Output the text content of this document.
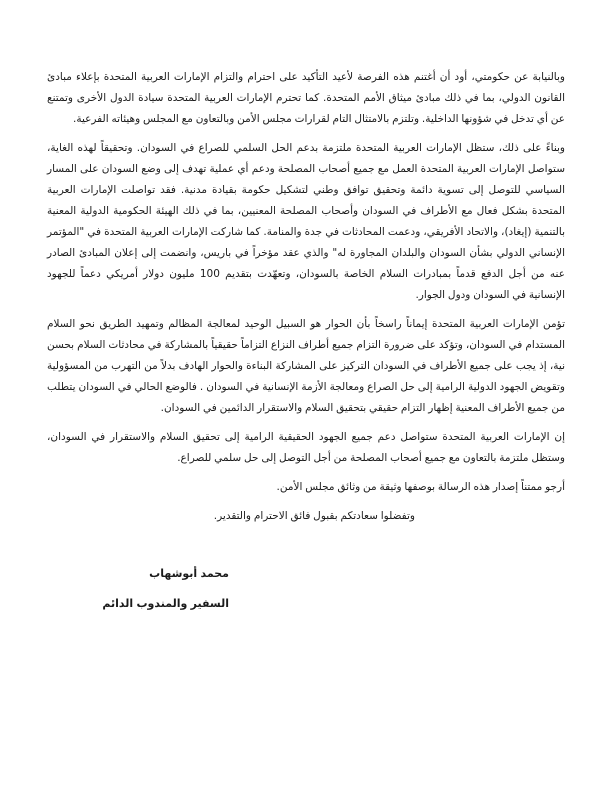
وبالنيابة عن حكومتي، أود أن أغتنم هذه الفرصة لأعيد التأكيد على احترام والتزام الإمارات العربية المتحدة بإعلاء مبادئ القانون الدولي، بما في ذلك مبادئ ميثاق الأمم المتحدة. كما تحترم الإمارات العربية المتحدة سيادة الدول الأخرى وتمتنع عن أي تدخل في شؤونها الداخلية. وتلتزم بالامتثال التام لقرارات مجلس الأمن وبالتعاون مع المجلس وهيئاته الفرعية.

وبناءً على ذلك، ستظل الإمارات العربية المتحدة ملتزمة بدعم الحل السلمي للصراع في السودان. وتحقيقاً لهذه الغاية، ستواصل الإمارات العربية المتحدة العمل مع جميع أصحاب المصلحة ودعم أي عملية تهدف إلى وضع السودان على المسار السياسي للتوصل إلى تسوية دائمة وتحقيق توافق وطني لتشكيل حكومة بقيادة مدنية. فقد تواصلت الإمارات العربية المتحدة بشكل فعال مع الأطراف في السودان وأصحاب المصلحة المعنيين، بما في ذلك الهيئة الحكومية الدولية المعنية بالتنمية (إيغاد)، والاتحاد الأفريقي، ودعمت المحادثات في جدة والمنامة. كما شاركت الإمارات العربية المتحدة في "المؤتمر الإنساني الدولي بشأن السودان والبلدان المجاورة له" والذي عقد مؤخراً في باريس، وانضمت إلى إعلان المبادئ الصادر عنه من أجل الدفع قدماً بمبادرات السلام الخاصة بالسودان، وتعهّدت بتقديم 100 مليون دولار أمريكي دعماً للجهود الإنسانية في السودان ودول الجوار.

تؤمن الإمارات العربية المتحدة إيماناً راسخاً بأن الحوار هو السبيل الوحيد لمعالجة المظالم وتمهيد الطريق نحو السلام المستدام في السودان، وتؤكد على ضرورة التزام جميع أطراف النزاع التزاماً حقيقياً بالمشاركة في محادثات السلام بحسن نية، إذ يجب على جميع الأطراف في السودان التركيز على المشاركة البناءة والحوار الهادف بدلاً من التهرب من المسؤولية وتقويض الجهود الدولية الرامية إلى حل الصراع ومعالجة الأزمة الإنسانية في السودان . فالوضع الحالي في السودان يتطلب من جميع الأطراف المعنية إظهار التزام حقيقي بتحقيق السلام والاستقرار الدائمين في السودان.

إن الإمارات العربية المتحدة ستواصل دعم جميع الجهود الحقيقية الرامية إلى تحقيق السلام والاستقرار في السودان، وستظل ملتزمة بالتعاون مع جميع أصحاب المصلحة من أجل التوصل إلى حل سلمي للصراع.

أرجو ممتناً إصدار هذه الرسالة بوصفها وثيقة من وثائق مجلس الأمن.

وتفضلوا سعادتكم بقبول فائق الاحترام والتقدير.

محمد أبوشهاب
السفير والمندوب الدائم
